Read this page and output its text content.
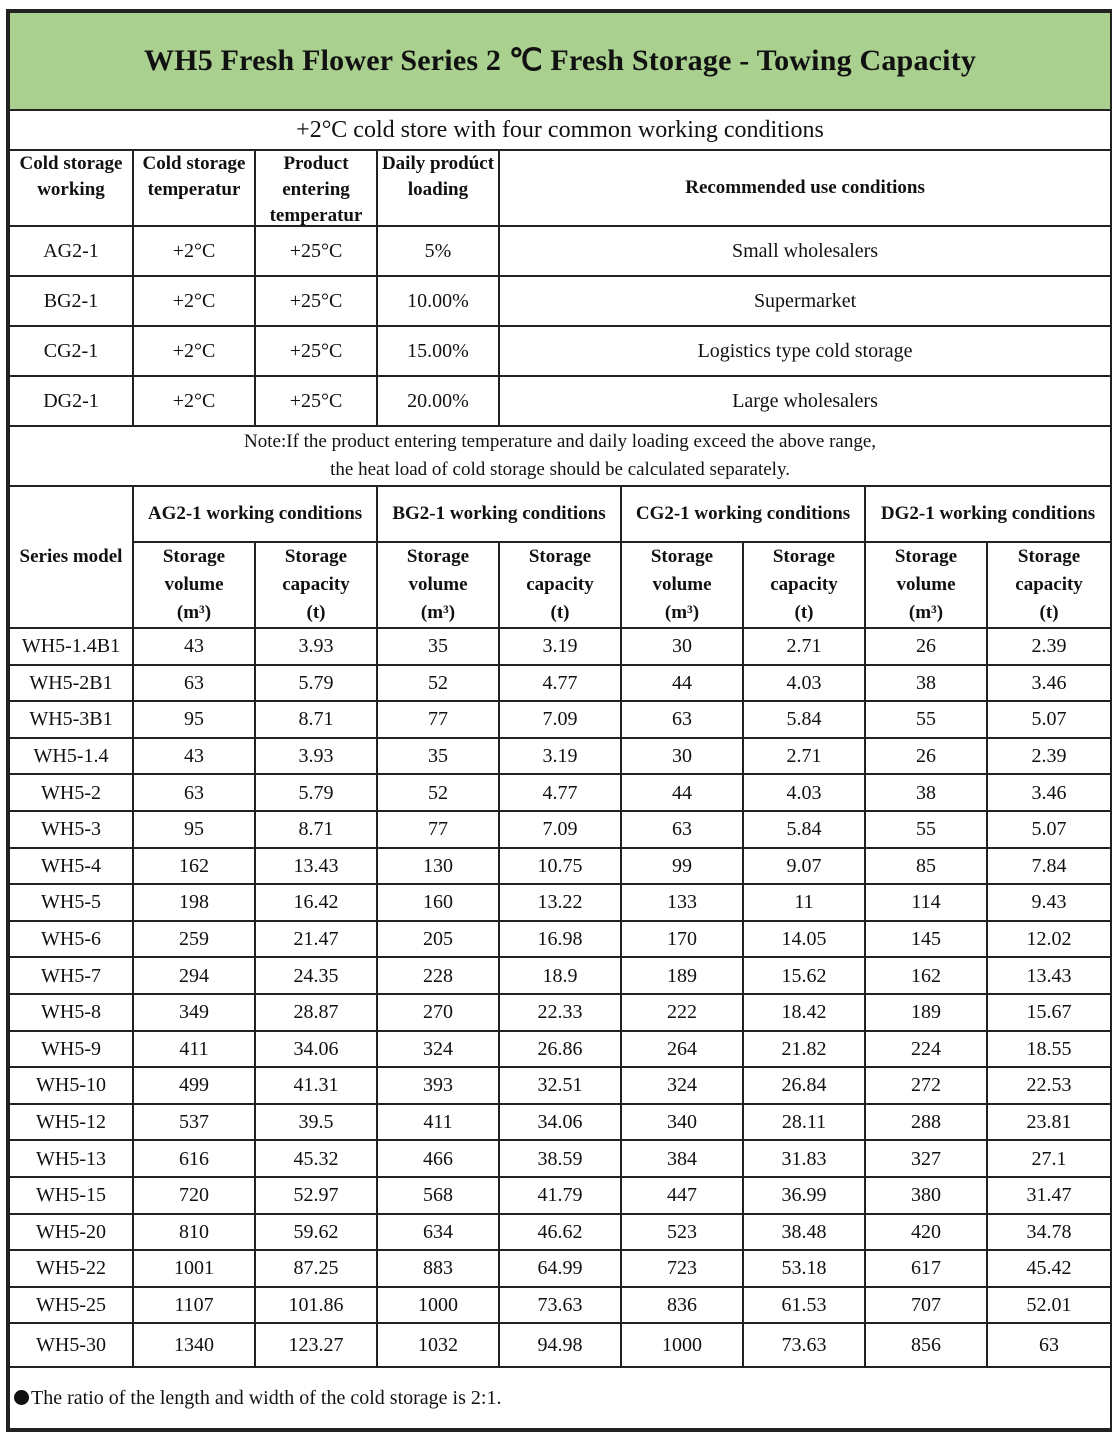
WH5 Fresh Flower Series 2 ℃ Fresh Storage - Towing Capacity								
+2°C cold store with four common working conditions								

Cold storage working	Cold storage temperatur	Product entering temperatur	Daily prodúct loading	Recommended use conditions				
AG2-1	+2°C	+25°C	5%	Small wholesalers				
BG2-1	+2°C	+25°C	10.00%	Supermarket				
CG2-1	+2°C	+25°C	15.00%	Logistics type cold storage				
DG2-1	+2°C	+25°C	20.00%	Large wholesalers				
Note:If the product entering temperature and daily loading exceed the above range,
the heat load of cold storage should be calculated separately.								
Series model	AG2-1 working conditions		BG2-1 working conditions		CG2-1 working conditions		DG2-1 working conditions	

	Storage
volume
(m³)	Storage
capacity
(t)	Storage
volume
(m³)	Storage
capacity
(t)	Storage
volume
(m³)	Storage
capacity
(t)	Storage
volume
(m³)	Storage
capacity
(t)

WH5-1.4B1	43	3.93	35	3.19	30	2.71	26	2.39
WH5-2B1	63	5.79	52	4.77	44	4.03	38	3.46
WH5-3B1	95	8.71	77	7.09	63	5.84	55	5.07
WH5-1.4	43	3.93	35	3.19	30	2.71	26	2.39
WH5-2	63	5.79	52	4.77	44	4.03	38	3.46
WH5-3	95	8.71	77	7.09	63	5.84	55	5.07
WH5-4	162	13.43	130	10.75	99	9.07	85	7.84
WH5-5	198	16.42	160	13.22	133	11	114	9.43
WH5-6	259	21.47	205	16.98	170	14.05	145	12.02
WH5-7	294	24.35	228	18.9	189	15.62	162	13.43
WH5-8	349	28.87	270	22.33	222	18.42	189	15.67
WH5-9	411	34.06	324	26.86	264	21.82	224	18.55
WH5-10	499	41.31	393	32.51	324	26.84	272	22.53
WH5-12	537	39.5	411	34.06	340	28.11	288	23.81
WH5-13	616	45.32	466	38.59	384	31.83	327	27.1
WH5-15	720	52.97	568	41.79	447	36.99	380	31.47
WH5-20	810	59.62	634	46.62	523	38.48	420	34.78
WH5-22	1001	87.25	883	64.99	723	53.18	617	45.42
WH5-25	1107	101.86	1000	73.63	836	61.53	707	52.01
WH5-30	1340	123.27	1032	94.98	1000	73.63	856	63
The ratio of the length and width of the cold storage is 2:1.								
